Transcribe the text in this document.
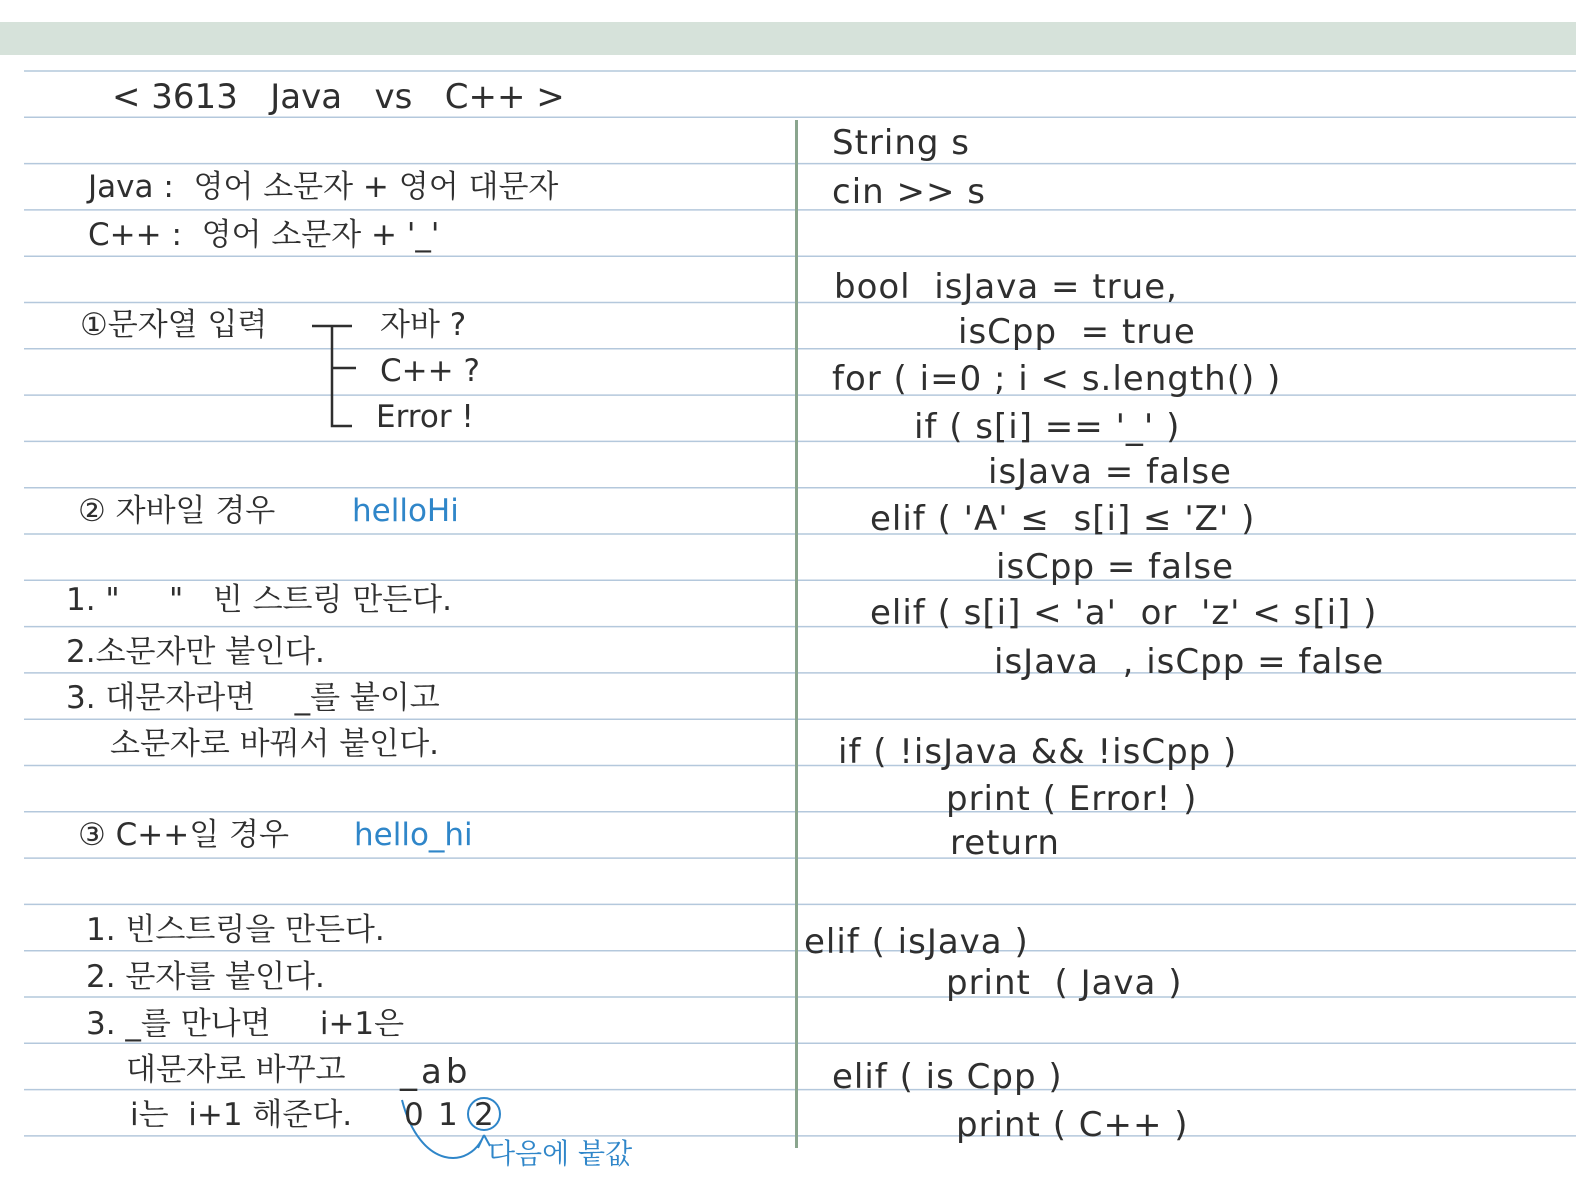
< 3613   Java   vs   C++ >
Java :  영어 소문자 + 영어 대문자
C++ :  영어 소문자 + '_'
①문자열 입력	자바 ?
C++ ?
Error !
② 자바일 경우 helloHi
1. "     "   빈 스트링 만든다.
2.소문자만 붙인다.
3. 대문자라면    _를 붙이고
소문자로 바꿔서 붙인다.
③ C++일 경우 hello_hi
1. 빈스트링을 만든다.
2. 문자를 붙인다.
3. _를 만나면     i+1은
대문자로 바꾸고
i는  i+1 해준다.
_ab
0 1 2
다음에 붙값
String s
cin >> s
bool  isJava = true,
isCpp  = true
for ( i=0 ; i < s.length() )
if ( s[i] == '_' )
isJava = false
elif ( 'A' ≤  s[i] ≤ 'Z' )
isCpp = false
elif ( s[i] < 'a'  or  'z' < s[i] )
isJava  , isCpp = false
if ( !isJava && !isCpp )
print ( Error! )
return
elif ( isJava )
print  ( Java )
elif ( is Cpp )
print ( C++ )
